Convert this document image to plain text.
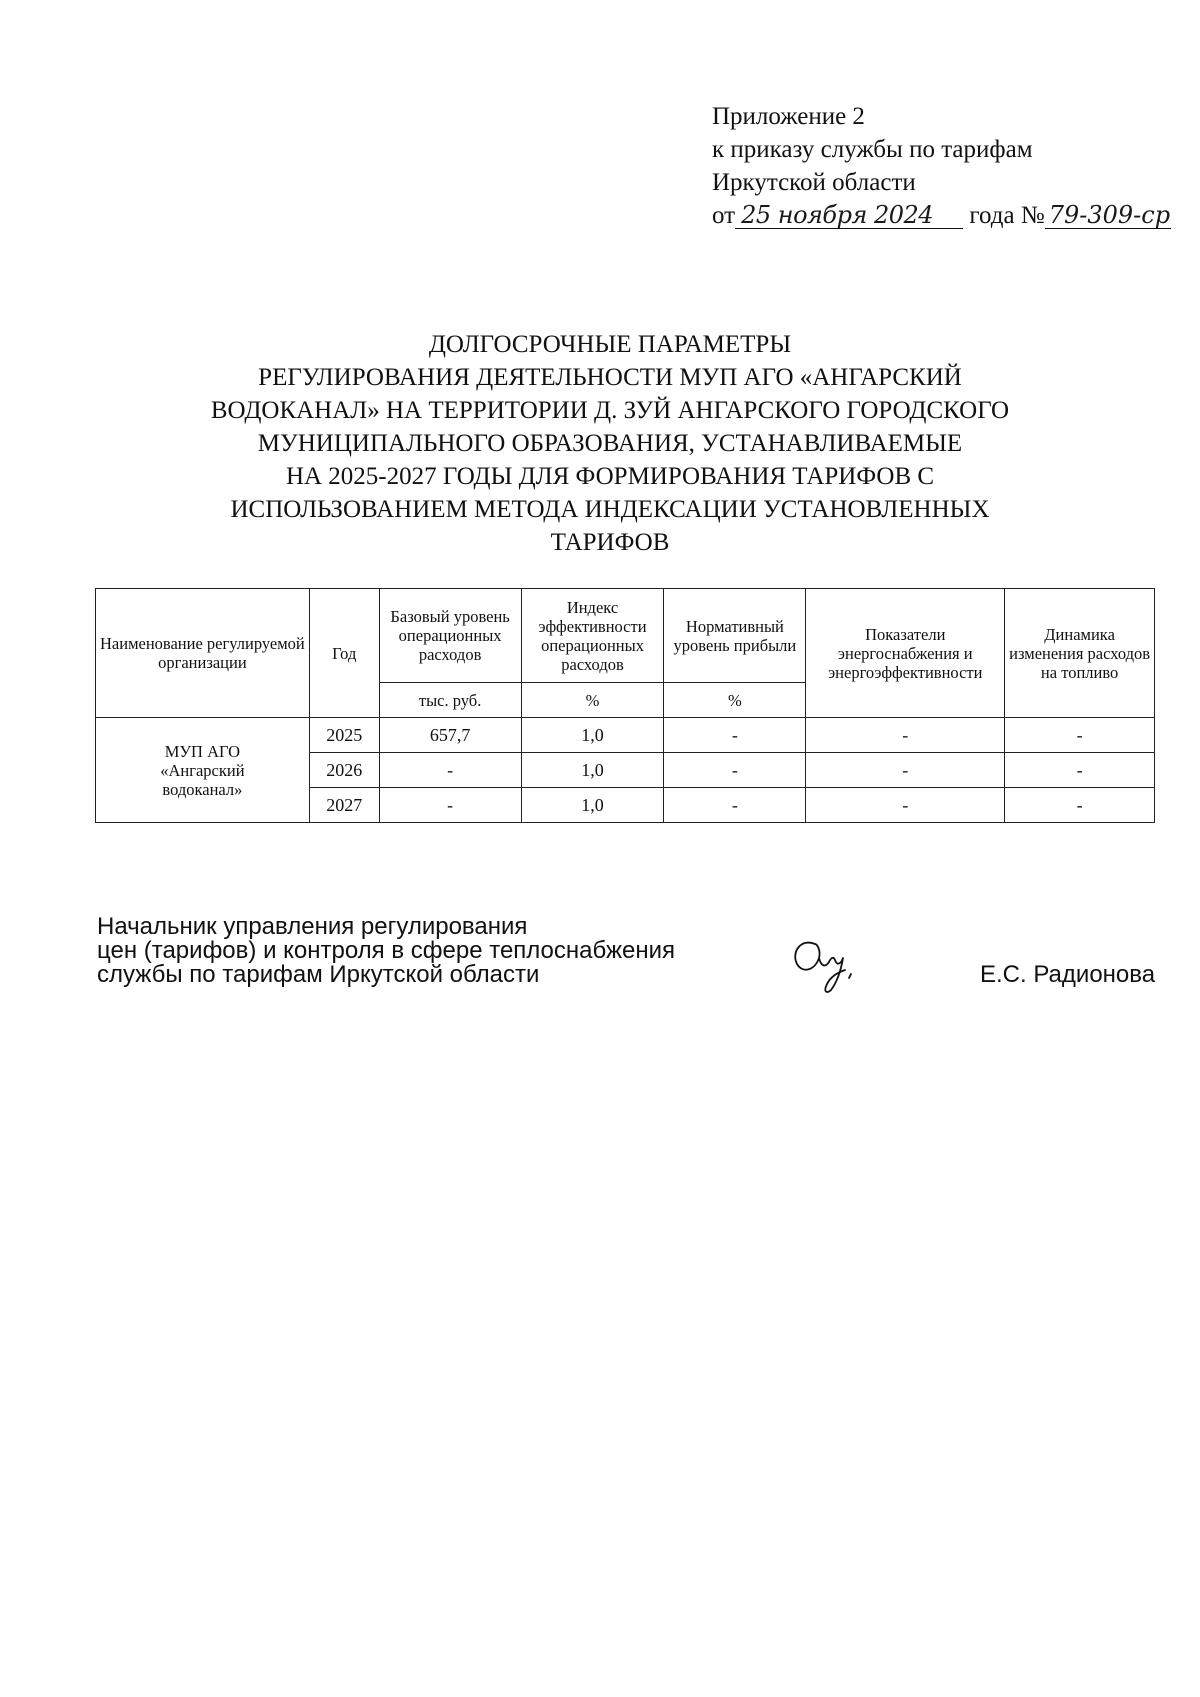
Приложение 2
к приказу службы по тарифам
Иркутской области
от 25 ноября 2024 года № 79-309-ср
ДОЛГОСРОЧНЫЕ ПАРАМЕТРЫ
РЕГУЛИРОВАНИЯ ДЕЯТЕЛЬНОСТИ МУП АГО «АНГАРСКИЙ
ВОДОКАНАЛ» НА ТЕРРИТОРИИ Д. ЗУЙ АНГАРСКОГО ГОРОДСКОГО
МУНИЦИПАЛЬНОГО ОБРАЗОВАНИЯ, УСТАНАВЛИВАЕМЫЕ
НА 2025-2027 ГОДЫ ДЛЯ ФОРМИРОВАНИЯ ТАРИФОВ С
ИСПОЛЬЗОВАНИЕМ МЕТОДА ИНДЕКСАЦИИ УСТАНОВЛЕННЫХ
ТАРИФОВ
Наименование регулируемой организации	Год	Базовый уровень операционных расходов	Индекс эффективности операционных расходов	Нормативный уровень прибыли	Показатели энергоснабжения и энергоэффективности	Динамика изменения расходов на топливо
		тыс. руб.	%	%		
МУП АГО «Ангарский водоканал»	2025	657,7	1,0	-	-	-
	2026	-	1,0	-	-	-
	2027	-	1,0	-	-	-
Начальник управления регулирования
цен (тарифов) и контроля в сфере теплоснабжения
службы по тарифам Иркутской области	Е.С. Радионова
